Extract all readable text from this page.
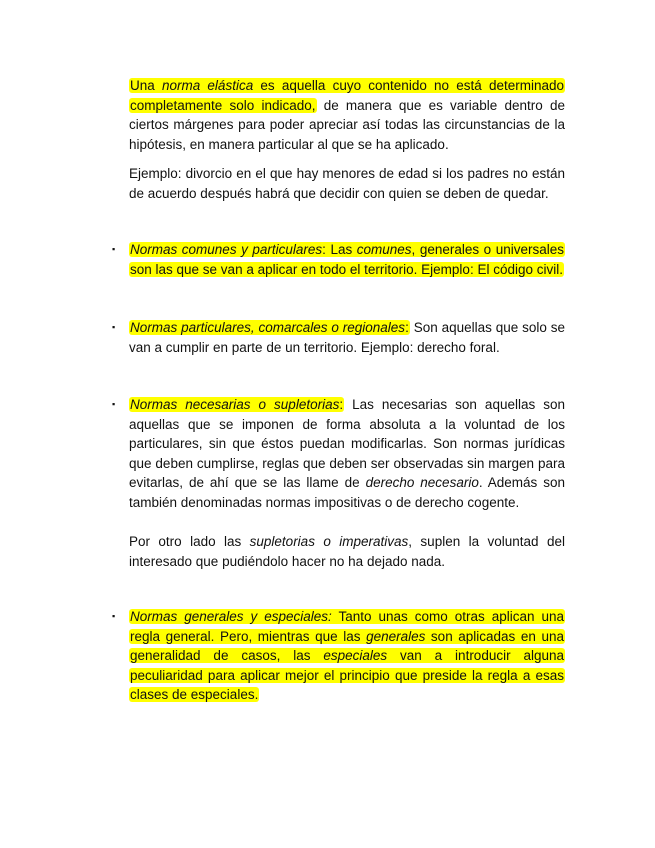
Una norma elástica es aquella cuyo contenido no está determinado completamente solo indicado, de manera que es variable dentro de ciertos márgenes para poder apreciar así todas las circunstancias de la hipótesis, en manera particular al que se ha aplicado.

Ejemplo: divorcio en el que hay menores de edad si los padres no están de acuerdo después habrá que decidir con quien se deben de quedar.

▪ Normas comunes y particulares: Las comunes, generales o universales son las que se van a aplicar en todo el territorio. Ejemplo: El código civil.

▪ Normas particulares, comarcales o regionales: Son aquellas que solo se van a cumplir en parte de un territorio. Ejemplo: derecho foral.

▪ Normas necesarias o supletorias: Las necesarias son aquellas son aquellas que se imponen de forma absoluta a la voluntad de los particulares, sin que éstos puedan modificarlas. Son normas jurídicas que deben cumplirse, reglas que deben ser observadas sin margen para evitarlas, de ahí que se las llame de derecho necesario. Además son también denominadas normas impositivas o de derecho cogente.

Por otro lado las supletorias o imperativas, suplen la voluntad del interesado que pudiéndolo hacer no ha dejado nada.

▪ Normas generales y especiales: Tanto unas como otras aplican una regla general. Pero, mientras que las generales son aplicadas en una generalidad de casos, las especiales van a introducir alguna peculiaridad para aplicar mejor el principio que preside la regla a esas clases de especiales.
